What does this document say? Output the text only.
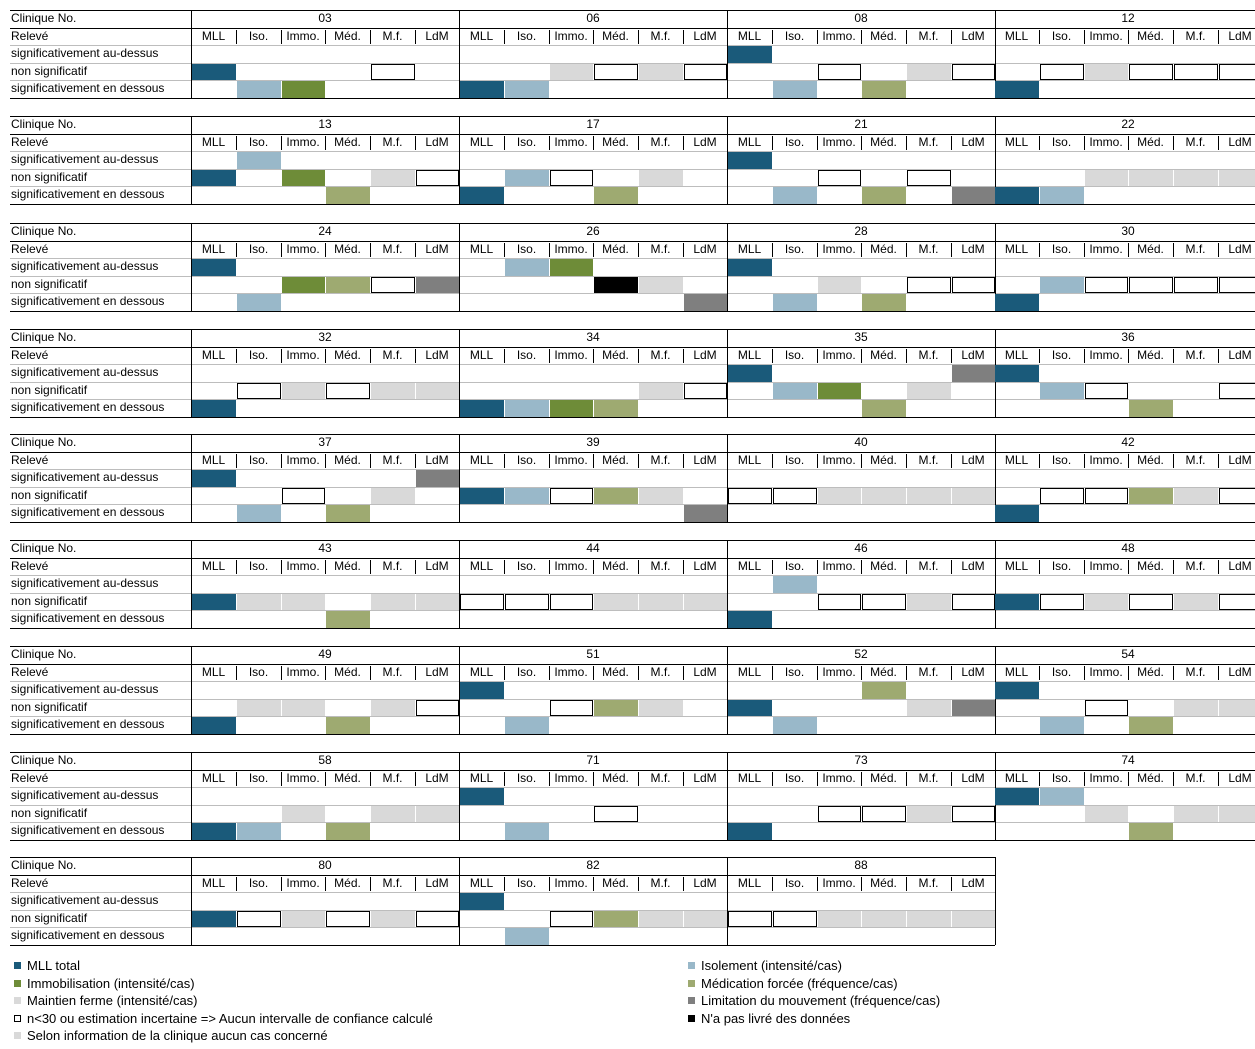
Clinique No.
Relevé
significativement au-dessus
non significatif
significativement en dessous
03
MLL	Iso.	Immo.	Méd.	M.f.	LdM
06
MLL	Iso.	Immo.	Méd.	M.f.	LdM
08
MLL	Iso.	Immo.	Méd.	M.f.	LdM
12
MLL	Iso.	Immo.	Méd.	M.f.	LdM
Clinique No.
Relevé
significativement au-dessus
non significatif
significativement en dessous
13
MLL	Iso.	Immo.	Méd.	M.f.	LdM
17
MLL	Iso.	Immo.	Méd.	M.f.	LdM
21
MLL	Iso.	Immo.	Méd.	M.f.	LdM
22
MLL	Iso.	Immo.	Méd.	M.f.	LdM
Clinique No.
Relevé
significativement au-dessus
non significatif
significativement en dessous
24
MLL	Iso.	Immo.	Méd.	M.f.	LdM
26
MLL	Iso.	Immo.	Méd.	M.f.	LdM
28
MLL	Iso.	Immo.	Méd.	M.f.	LdM
30
MLL	Iso.	Immo.	Méd.	M.f.	LdM
Clinique No.
Relevé
significativement au-dessus
non significatif
significativement en dessous
32
MLL	Iso.	Immo.	Méd.	M.f.	LdM
34
MLL	Iso.	Immo.	Méd.	M.f.	LdM
35
MLL	Iso.	Immo.	Méd.	M.f.	LdM
36
MLL	Iso.	Immo.	Méd.	M.f.	LdM
Clinique No.
Relevé
significativement au-dessus
non significatif
significativement en dessous
37
MLL	Iso.	Immo.	Méd.	M.f.	LdM
39
MLL	Iso.	Immo.	Méd.	M.f.	LdM
40
MLL	Iso.	Immo.	Méd.	M.f.	LdM
42
MLL	Iso.	Immo.	Méd.	M.f.	LdM
Clinique No.
Relevé
significativement au-dessus
non significatif
significativement en dessous
43
MLL	Iso.	Immo.	Méd.	M.f.	LdM
44
MLL	Iso.	Immo.	Méd.	M.f.	LdM
46
MLL	Iso.	Immo.	Méd.	M.f.	LdM
48
MLL	Iso.	Immo.	Méd.	M.f.	LdM
Clinique No.
Relevé
significativement au-dessus
non significatif
significativement en dessous
49
MLL	Iso.	Immo.	Méd.	M.f.	LdM
51
MLL	Iso.	Immo.	Méd.	M.f.	LdM
52
MLL	Iso.	Immo.	Méd.	M.f.	LdM
54
MLL	Iso.	Immo.	Méd.	M.f.	LdM
Clinique No.
Relevé
significativement au-dessus
non significatif
significativement en dessous
58
MLL	Iso.	Immo.	Méd.	M.f.	LdM
71
MLL	Iso.	Immo.	Méd.	M.f.	LdM
73
MLL	Iso.	Immo.	Méd.	M.f.	LdM
74
MLL	Iso.	Immo.	Méd.	M.f.	LdM
Clinique No.
Relevé
significativement au-dessus
non significatif
significativement en dessous
80
MLL	Iso.	Immo.	Méd.	M.f.	LdM
82
MLL	Iso.	Immo.	Méd.	M.f.	LdM
88
MLL	Iso.	Immo.	Méd.	M.f.	LdM
MLL total
Immobilisation (intensité/cas)
Maintien ferme (intensité/cas)
n<30 ou estimation incertaine => Aucun intervalle de confiance calculé
Selon information de la clinique aucun cas concerné
Isolement (intensité/cas)
Médication forcée (fréquence/cas)
Limitation du mouvement (fréquence/cas)
N'a pas livré des données
